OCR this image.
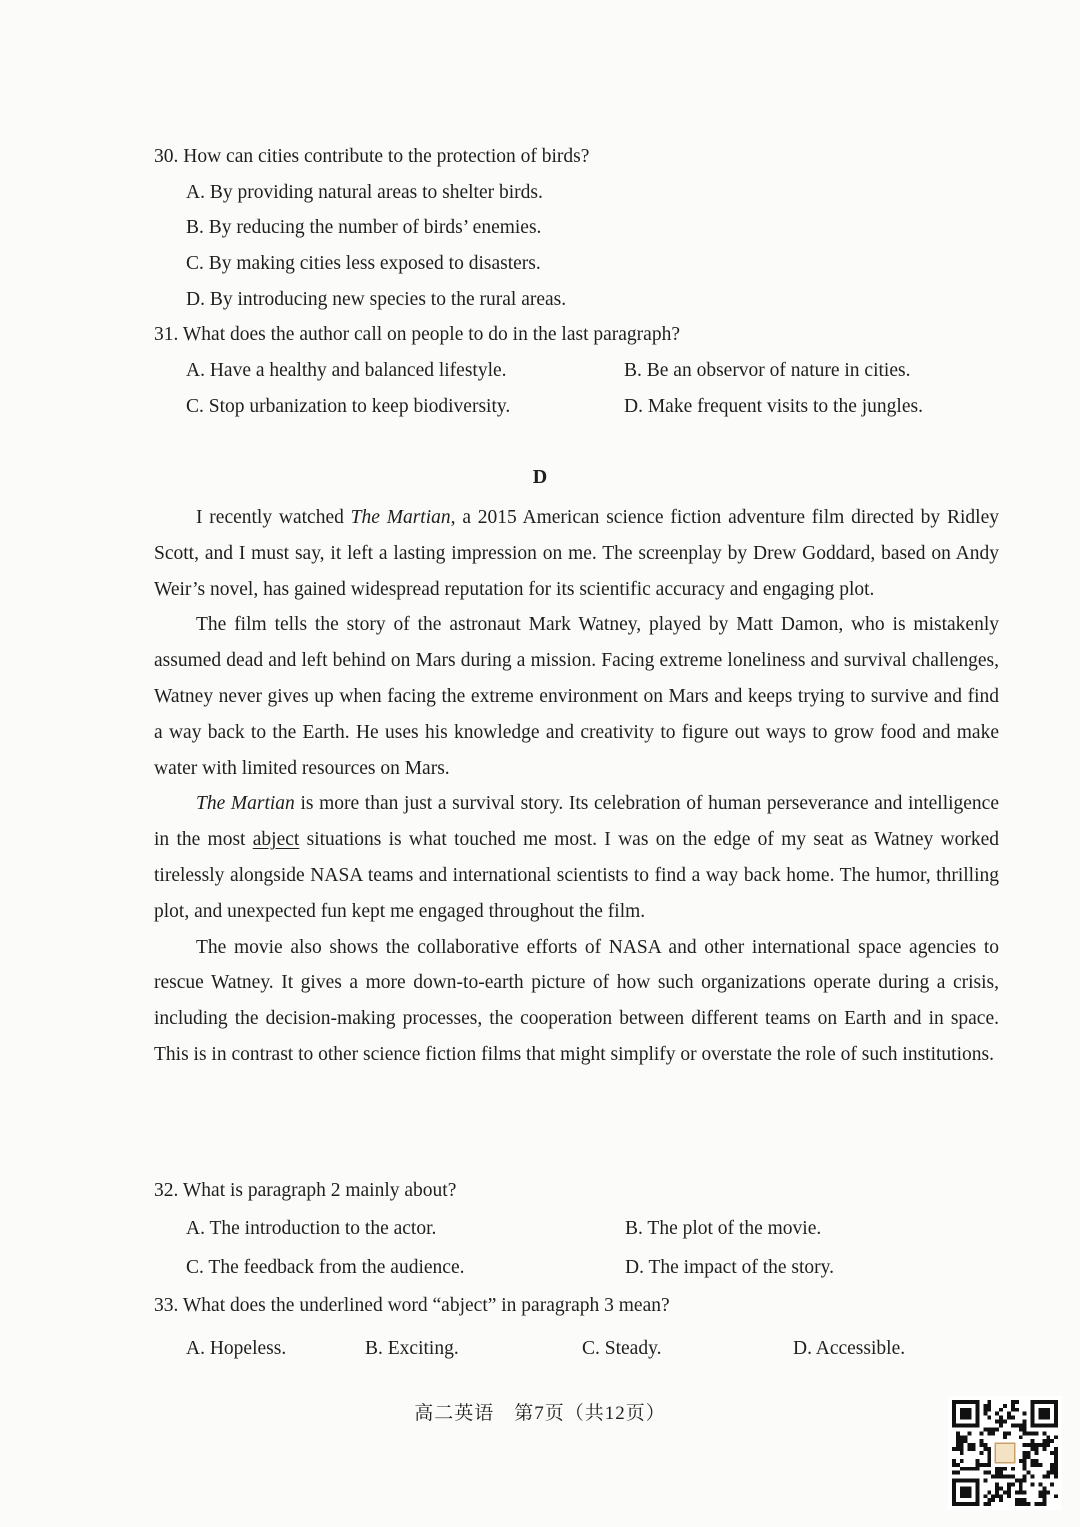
30. How can cities contribute to the protection of birds?
A. By providing natural areas to shelter birds.
B. By reducing the number of birds’ enemies.
C. By making cities less exposed to disasters.
D. By introducing new species to the rural areas.
31. What does the author call on people to do in the last paragraph?
A. Have a healthy and balanced lifestyle.	B. Be an observor of nature in cities.
C. Stop urbanization to keep biodiversity.	D. Make frequent visits to the jungles.
D

I recently watched The Martian, a 2015 American science fiction adventure film directed by Ridley Scott, and I must say, it left a lasting impression on me. The screenplay by Drew Goddard, based on Andy Weir’s novel, has gained widespread reputation for its scientific accuracy and engaging plot.

The film tells the story of the astronaut Mark Watney, played by Matt Damon, who is mistakenly assumed dead and left behind on Mars during a mission. Facing extreme loneliness and survival challenges, Watney never gives up when facing the extreme environment on Mars and keeps trying to survive and find a way back to the Earth. He uses his knowledge and creativity to figure out ways to grow food and make water with limited resources on Mars.

The Martian is more than just a survival story. Its celebration of human perseverance and intelligence in the most abject situations is what touched me most. I was on the edge of my seat as Watney worked tirelessly alongside NASA teams and international scientists to find a way back home. The humor, thrilling plot, and unexpected fun kept me engaged throughout the film.

The movie also shows the collaborative efforts of NASA and other international space agencies to rescue Watney. It gives a more down-to-earth picture of how such organizations operate during a crisis, including the decision-making processes, the cooperation between different teams on Earth and in space. This is in contrast to other science fiction films that might simplify or overstate the role of such institutions.

32. What is paragraph 2 mainly about?
A. The introduction to the actor.	B. The plot of the movie.
C. The feedback from the audience.	D. The impact of the story.
33. What does the underlined word “abject” in paragraph 3 mean?
A. Hopeless.	B. Exciting.	C. Steady.	D. Accessible.
高二英语　第7页（共12页）
